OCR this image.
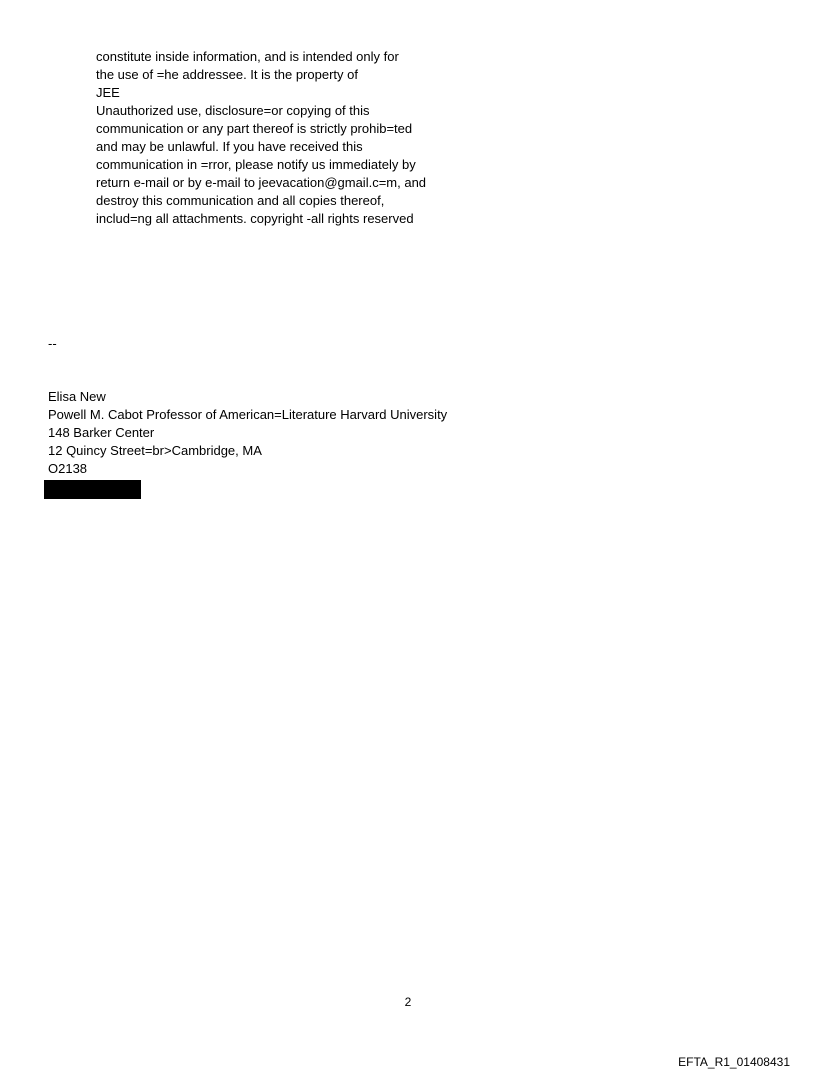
constitute inside information, and is intended only for
the use of =he addressee. It is the property of
JEE
Unauthorized use, disclosure=or copying of this
communication or any part thereof is strictly prohib=ted
and may be unlawful. If you have received this
communication in =rror, please notify us immediately by
return e-mail or by e-mail to jeevacation@gmail.c=m, and
destroy this communication and all copies thereof,
includ=ng all attachments. copyright -all rights reserved
--
Elisa New
Powell M. Cabot Professor of American=Literature Harvard University
148 Barker Center
12 Quincy Street=br>Cambridge, MA
O2138
2
EFTA_R1_01408431
